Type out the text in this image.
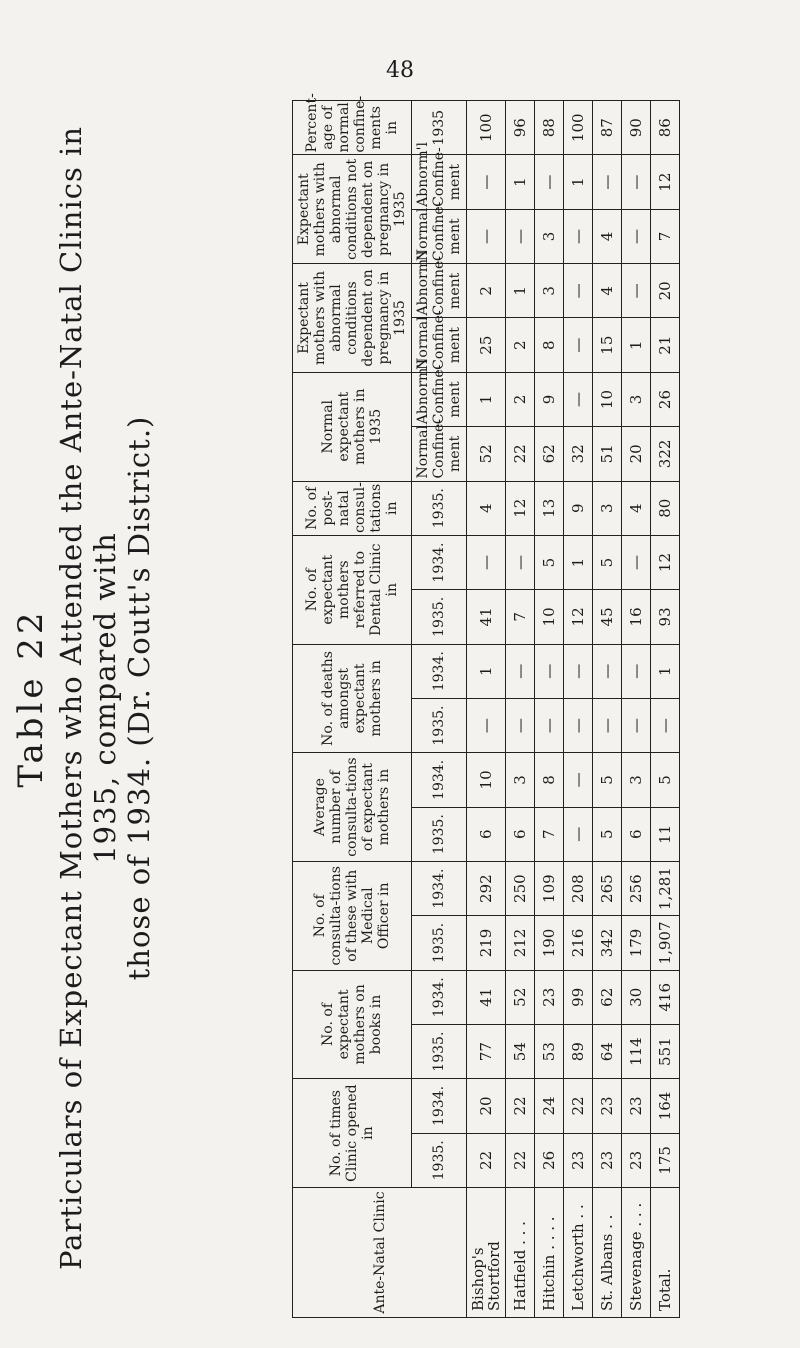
48
Table 22 Particulars of Expectant Mothers who Attended the Ante-Natal Clinics in 1935, compared with those of 1934. (Dr. Coutt's District.)
Ante-Natal Clinic	No. of times Clinic opened in		No. of expectant mothers on books in		No. of consulta-tions of these with Medical Officer in		Average number of consulta-tions of expectant mothers in		No. of deaths amongst expectant mothers in		No. of expectant mothers referred to Dental Clinic in		No. of post-natal consul-tations in	Normal expectant mothers in 1935		Expectant mothers with abnormal conditions dependent on pregnancy in 1935		Expectant mothers with abnormal conditions not dependent on pregnancy in 1935		Percent-age of normal confine-ments in
	1935.	1934.	1935.	1934.	1935.	1934.	1935.	1934.	1935.	1934.	1935.	1934.	1935.	Normal Confine-ment	Abnorm'l Confine-ment	Normal Confine-ment	Abnorm'l Confine-ment	Normal Confine-ment	Abnorm'l Confine-ment	1935
Bishop's Stortford	22	20	77	41	219	292	6	10	—	1	41	—	4	52	1	25	2	—	—	100
Hatfield . . .	22	22	54	52	212	250	6	3	—	—	7	—	12	22	2	2	1	—	1	96
Hitchin . . . .	26	24	53	23	190	109	7	8	—	—	10	5	13	62	9	8	3	3	—	88
Letchworth . .	23	22	89	99	216	208	—	—	—	—	12	1	9	32	—	—	—	—	1	100
St. Albans . .	23	23	64	62	342	265	5	5	—	—	45	5	3	51	10	15	4	4	—	87
Stevenage . . .	23	23	114	30	179	256	6	3	—	—	16	—	4	20	3	1	—	—	—	90
Total.	175	164	551	416	1,907	1,281	11	5	—	1	93	12	80	322	26	21	20	7	12	86
